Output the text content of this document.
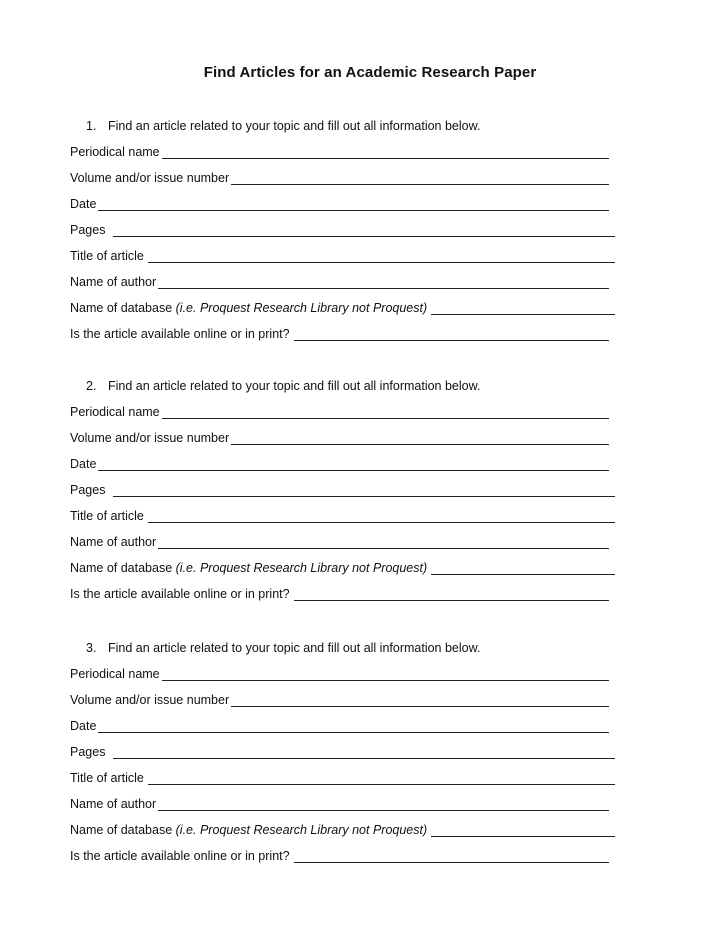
Find Articles for an Academic Research Paper
1. Find an article related to your topic and fill out all information below.
Periodical name
Volume and/or issue number
Date
Pages
Title of article
Name of author
Name of database (i.e. Proquest Research Library not Proquest)
Is the article available online or in print?
2. Find an article related to your topic and fill out all information below.
Periodical name
Volume and/or issue number
Date
Pages
Title of article
Name of author
Name of database (i.e. Proquest Research Library not Proquest)
Is the article available online or in print?
3. Find an article related to your topic and fill out all information below.
Periodical name
Volume and/or issue number
Date
Pages
Title of article
Name of author
Name of database (i.e. Proquest Research Library not Proquest)
Is the article available online or in print?
